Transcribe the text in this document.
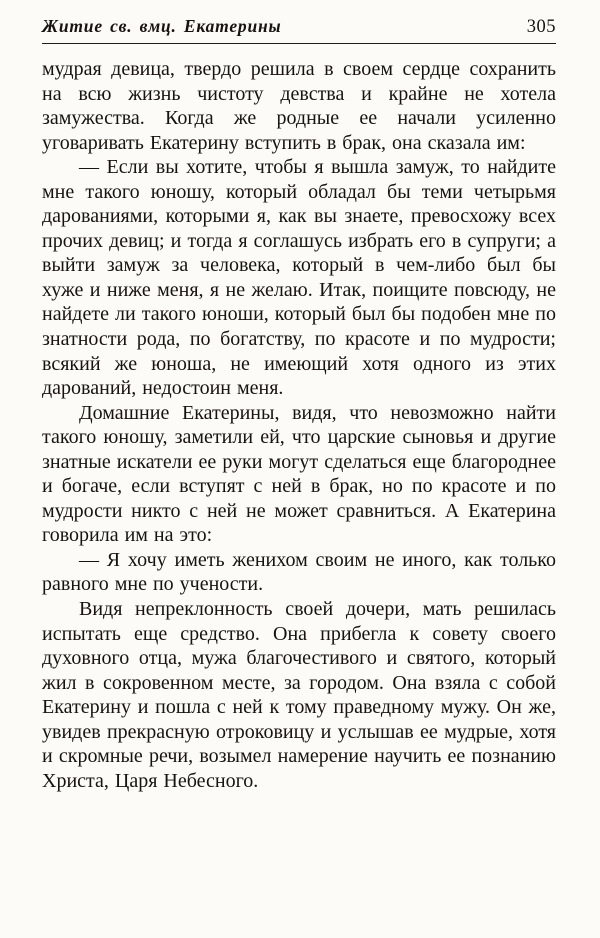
Житие св. вмц. Екатерины	305

мудрая девица, твердо решила в своем сердце сохранить на всю жизнь чистоту девства и крайне не хотела замужества. Когда же родные ее начали усиленно уговаривать Екатерину вступить в брак, она сказала им:

— Если вы хотите, чтобы я вышла замуж, то найдите мне такого юношу, который обладал бы теми четырьмя дарованиями, которыми я, как вы знаете, превосхожу всех прочих девиц; и тогда я соглашусь избрать его в супруги; а выйти замуж за человека, который в чем-либо был бы хуже и ниже меня, я не желаю. Итак, поищите повсюду, не найдете ли такого юноши, который был бы подобен мне по знатности рода, по богатству, по красоте и по мудрости; всякий же юноша, не имеющий хотя одного из этих дарований, недостоин меня.

Домашние Екатерины, видя, что невозможно найти такого юношу, заметили ей, что царские сыновья и другие знатные искатели ее руки могут сделаться еще благороднее и богаче, если вступят с ней в брак, но по красоте и по мудрости никто с ней не может сравниться. А Екатерина говорила им на это:

— Я хочу иметь женихом своим не иного, как только равного мне по учености.

Видя непреклонность своей дочери, мать решилась испытать еще средство. Она прибегла к совету своего духовного отца, мужа благочестивого и святого, который жил в сокровенном месте, за городом. Она взяла с собой Екатерину и пошла с ней к тому праведному мужу. Он же, увидев прекрасную отроковицу и услышав ее мудрые, хотя и скромные речи, возымел намерение научить ее познанию Христа, Царя Небесного.
